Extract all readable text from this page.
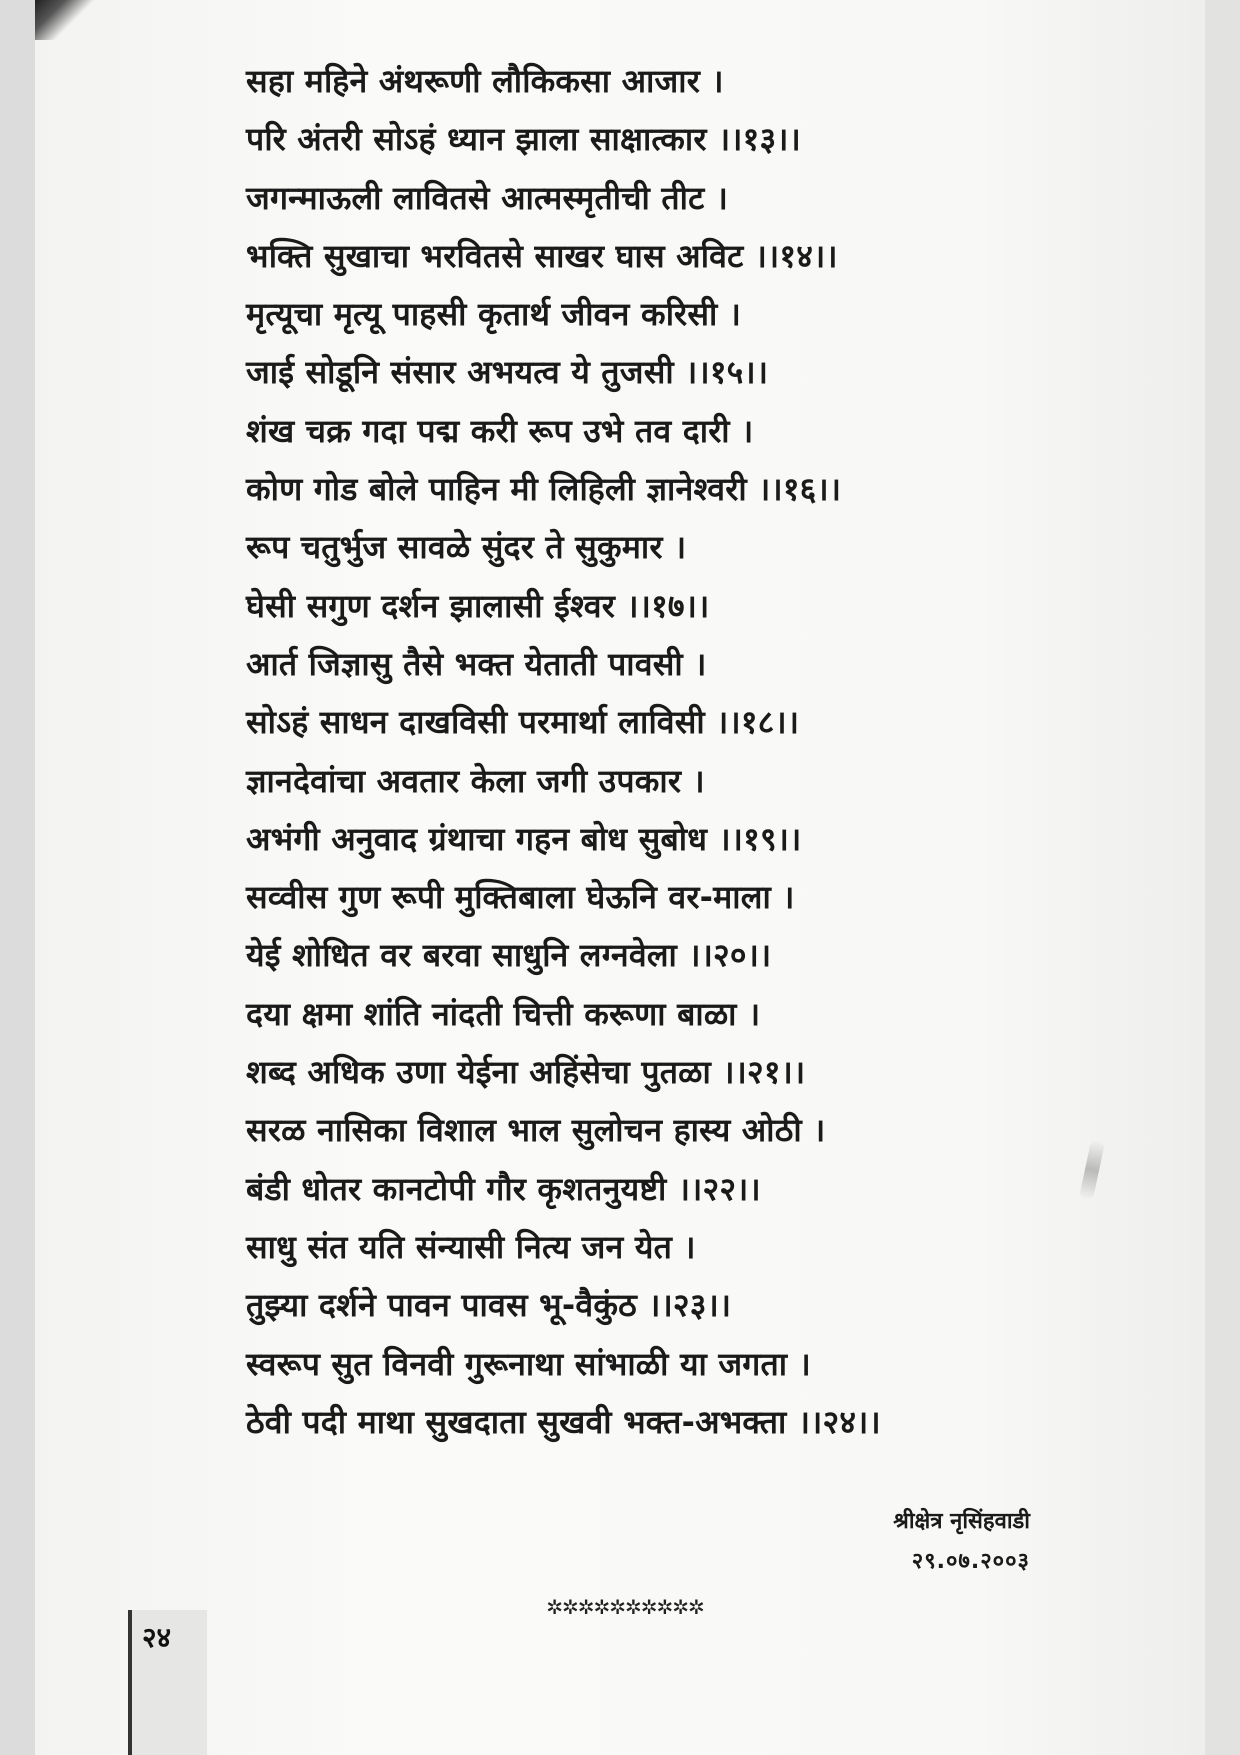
सहा महिने अंथरूणी लौकिकसा आजार ।
परि अंतरी सोऽहं ध्यान झाला साक्षात्कार ।।१३।।
जगन्माऊली लावितसे आत्मस्मृतीची तीट ।
भक्ति सुखाचा भरवितसे साखर घास अविट ।।१४।।
मृत्यूचा मृत्यू पाहसी कृतार्थ जीवन करिसी ।
जाई सोडूनि संसार अभयत्व ये तुजसी ।।१५।।
शंख चक्र गदा पद्म करी रूप उभे तव दारी ।
कोण गोड बोले पाहिन मी लिहिली ज्ञानेश्वरी ।।१६।।
रूप चतुर्भुज सावळे सुंदर ते सुकुमार ।
घेसी सगुण दर्शन झालासी ईश्वर ।।१७।।
आर्त जिज्ञासु तैसे भक्त येताती पावसी ।
सोऽहं साधन दाखविसी परमार्था लाविसी ।।१८।।
ज्ञानदेवांचा अवतार केला जगी उपकार ।
अभंगी अनुवाद ग्रंथाचा गहन बोध सुबोध ।।१९।।
सव्वीस गुण रूपी मुक्तिबाला घेऊनि वर-माला ।
येई शोधित वर बरवा साधुनि लग्नवेला ।।२०।।
दया क्षमा शांति नांदती चित्ती करूणा बाळा ।
शब्द अधिक उणा येईना अहिंसेचा पुतळा ।।२१।।
सरळ नासिका विशाल भाल सुलोचन हास्य ओठी ।
बंडी धोतर कानटोपी गौर कृशतनुयष्टी ।।२२।।
साधु संत यति संन्यासी नित्य जन येत ।
तुझ्या दर्शने पावन पावस भू-वैकुंठ ।।२३।।
स्वरूप सुत विनवी गुरूनाथा सांभाळी या जगता ।
ठेवी पदी माथा सुखदाता सुखवी भक्त-अभक्ता ।।२४।।
श्रीक्षेत्र नृसिंहवाडी
२९.०७.२००३
✲✲✲✲✲✲✲✲✲✲
२४
